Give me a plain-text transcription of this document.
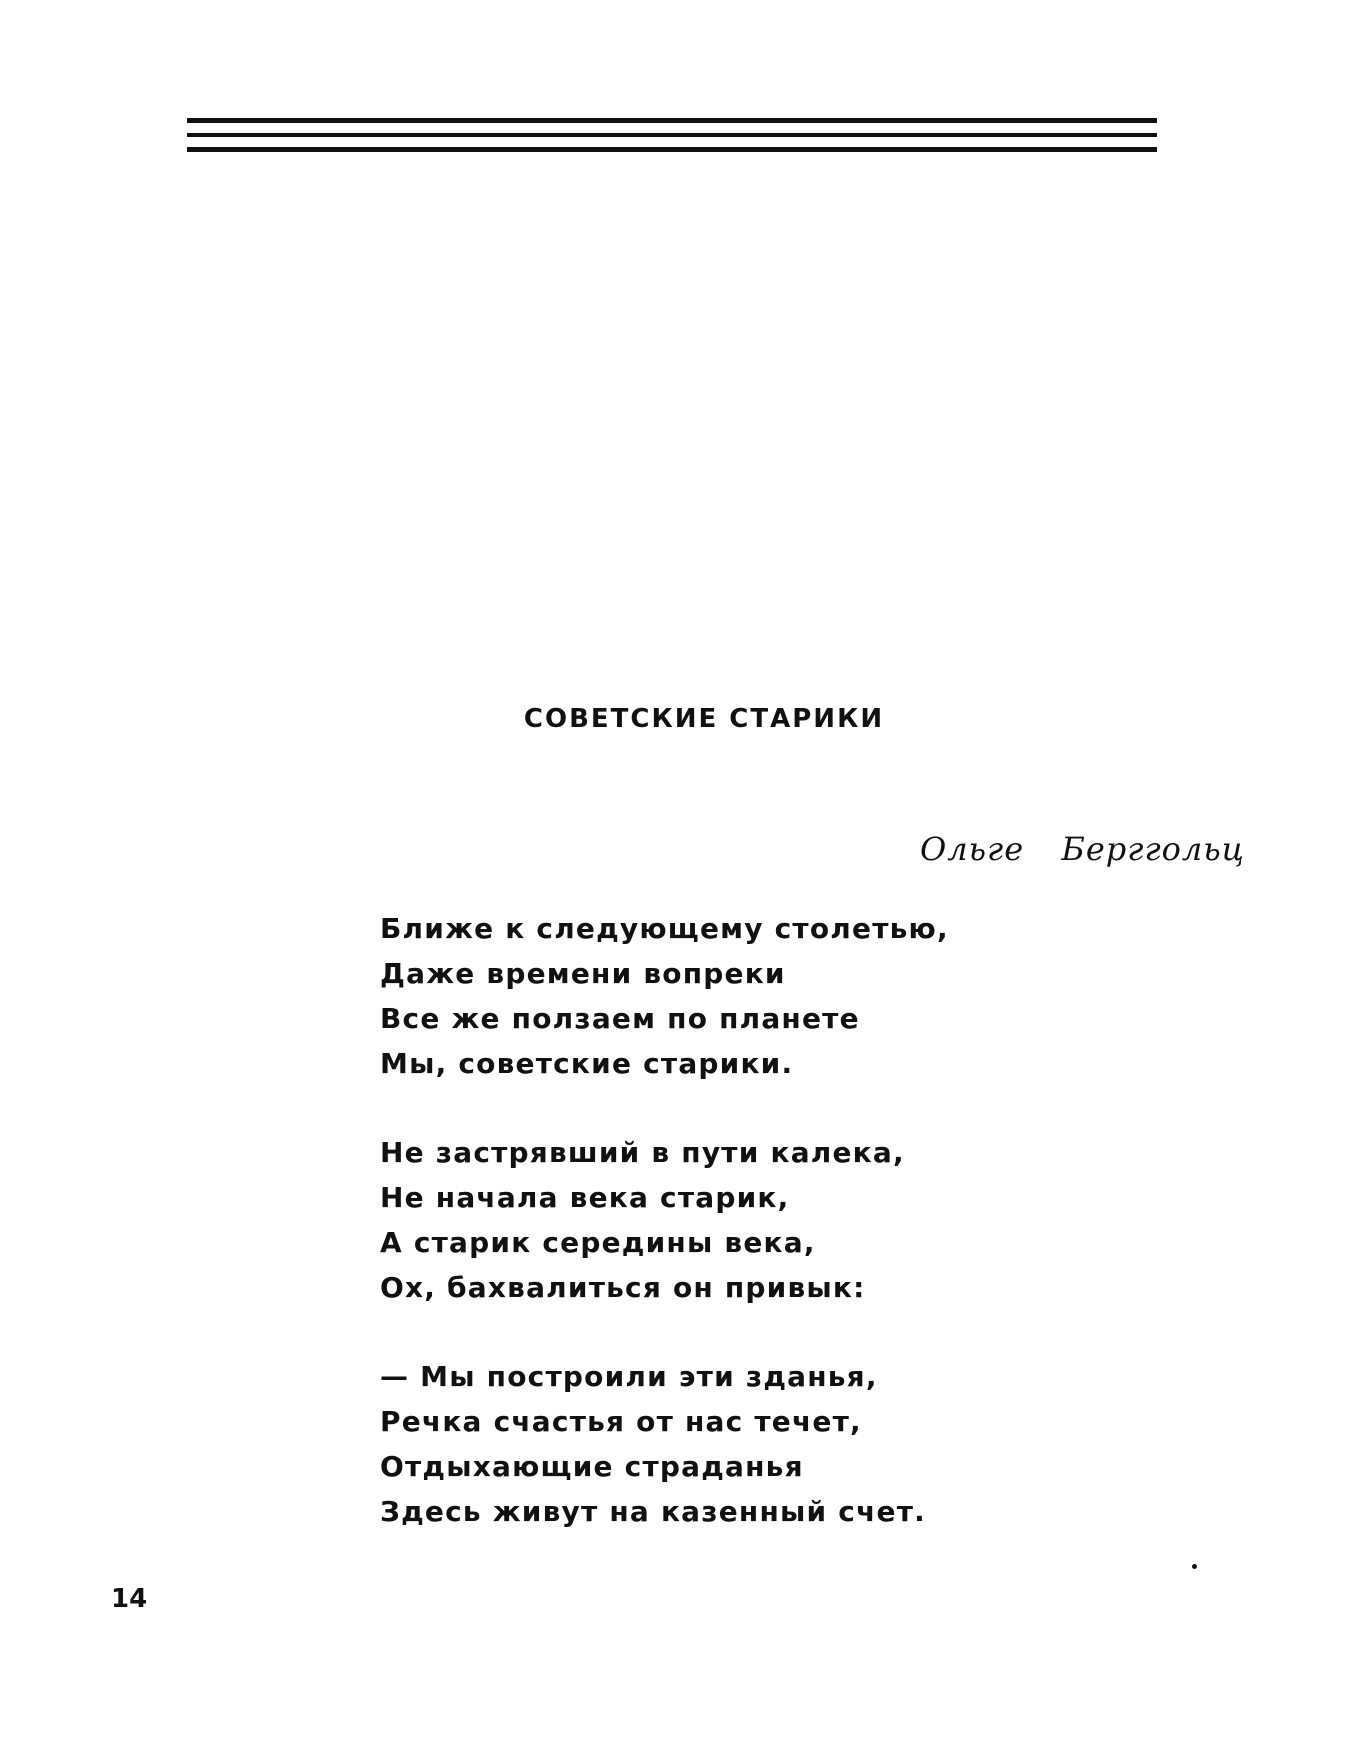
СОВЕТСКИЕ СТАРИКИ
Ольге Берггольц
Ближе к следующему столетью,
Даже времени вопреки
Все же ползаем по планете
Мы, советские старики.
Не застрявший в пути калека,
Не начала века старик,
А старик середины века,
Ох, бахвалиться он привык:
— Мы построили эти зданья,
Речка счастья от нас течет,
Отдыхающие страданья
Здесь живут на казенный счет.
14
